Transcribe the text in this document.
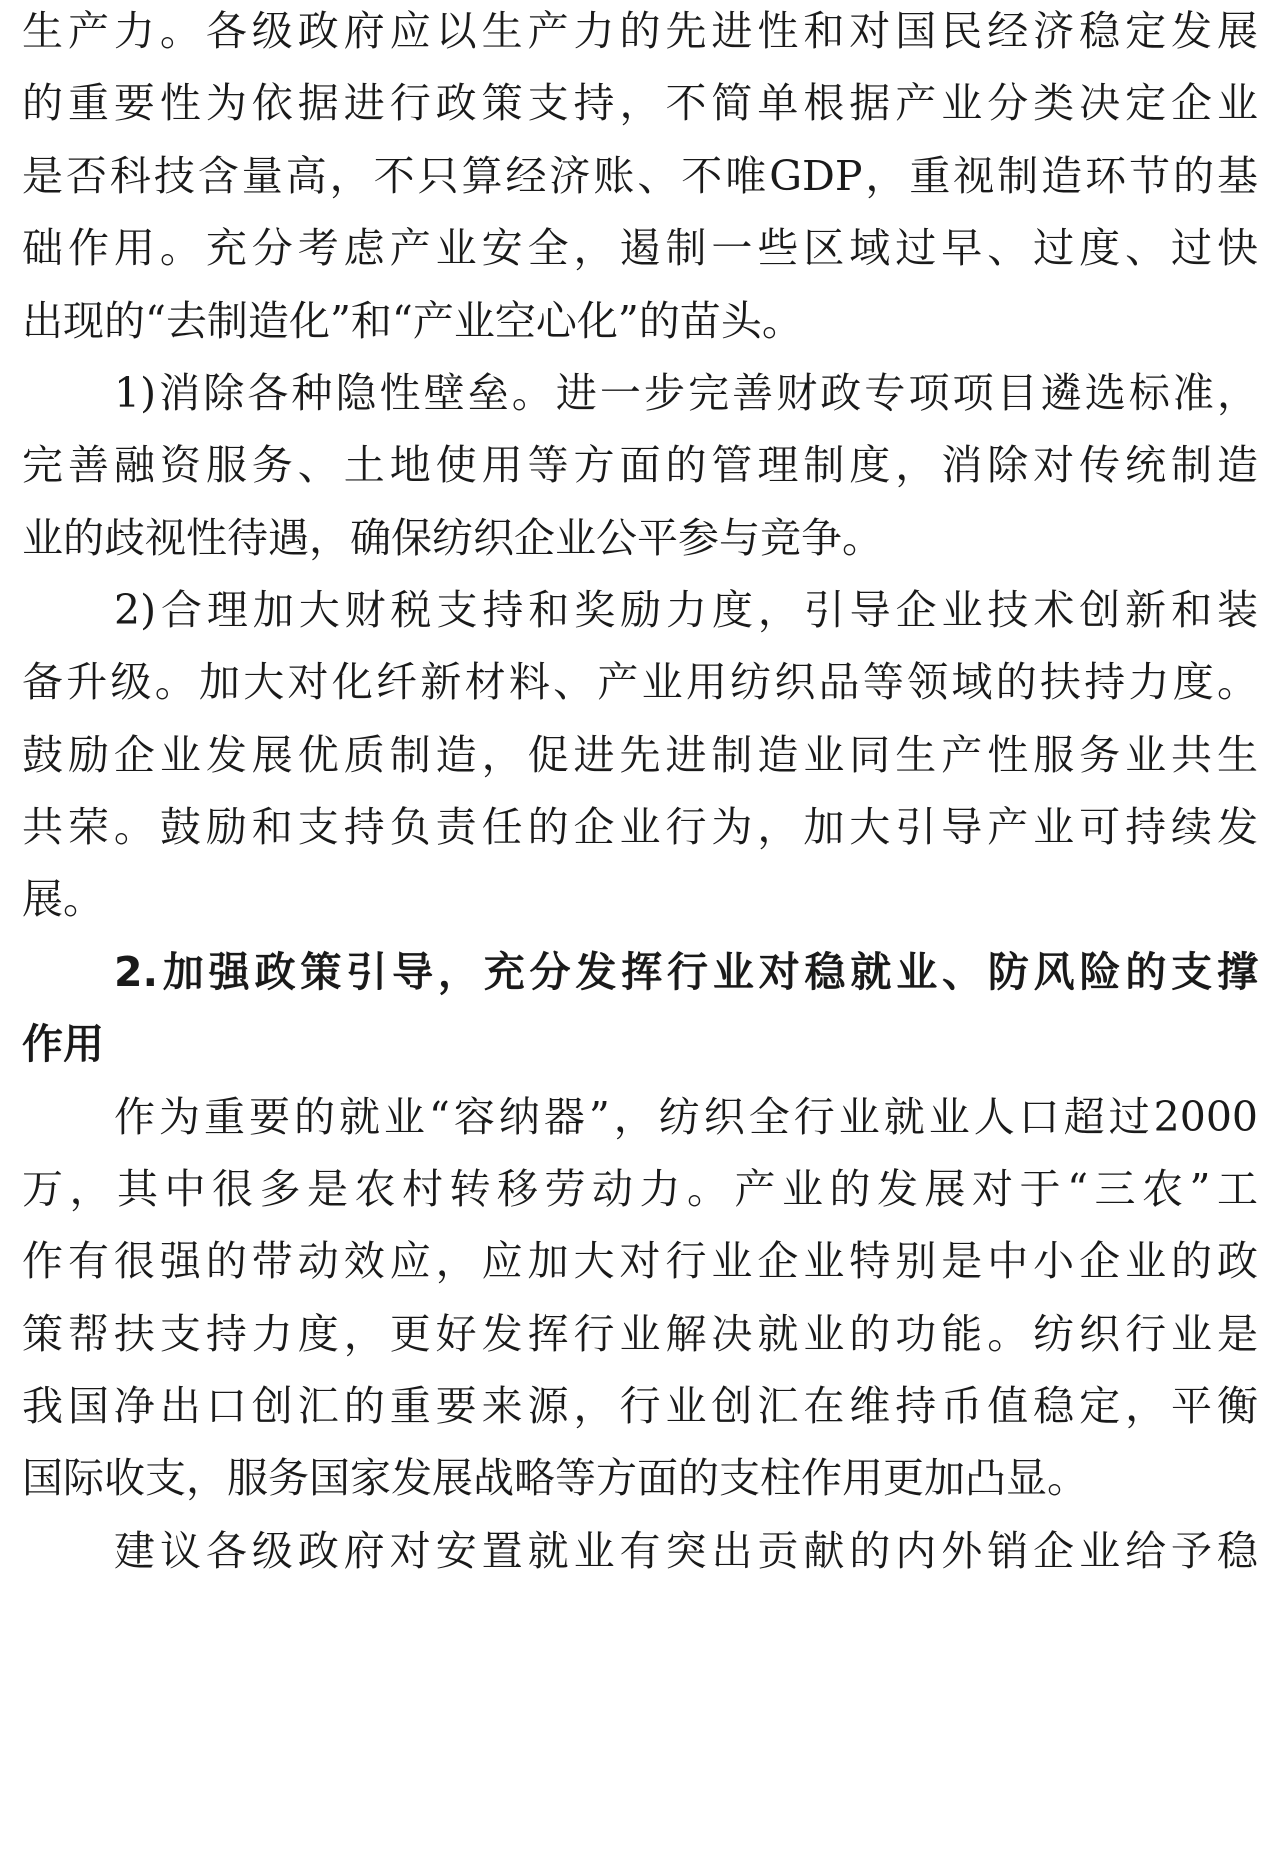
生产力。各级政府应以生产力的先进性和对国民经济稳定发展
的重要性为依据进行政策支持，不简单根据产业分类决定企业
是否科技含量高，不只算经济账、不唯GDP，重视制造环节的基
础作用。充分考虑产业安全，遏制一些区域过早、过度、过快
出现的“去制造化”和“产业空心化”的苗头。
1)消除各种隐性壁垒。进一步完善财政专项项目遴选标准，
完善融资服务、土地使用等方面的管理制度，消除对传统制造
业的歧视性待遇，确保纺织企业公平参与竞争。
2)合理加大财税支持和奖励力度，引导企业技术创新和装
备升级。加大对化纤新材料、产业用纺织品等领域的扶持力度。
鼓励企业发展优质制造，促进先进制造业同生产性服务业共生
共荣。鼓励和支持负责任的企业行为，加大引导产业可持续发
展。
2.加强政策引导，充分发挥行业对稳就业、防风险的支撑
作用
作为重要的就业“容纳器”，纺织全行业就业人口超过2000
万，其中很多是农村转移劳动力。产业的发展对于“三农”工
作有很强的带动效应，应加大对行业企业特别是中小企业的政
策帮扶支持力度，更好发挥行业解决就业的功能。纺织行业是
我国净出口创汇的重要来源，行业创汇在维持币值稳定，平衡
国际收支，服务国家发展战略等方面的支柱作用更加凸显。
建议各级政府对安置就业有突出贡献的内外销企业给予稳
